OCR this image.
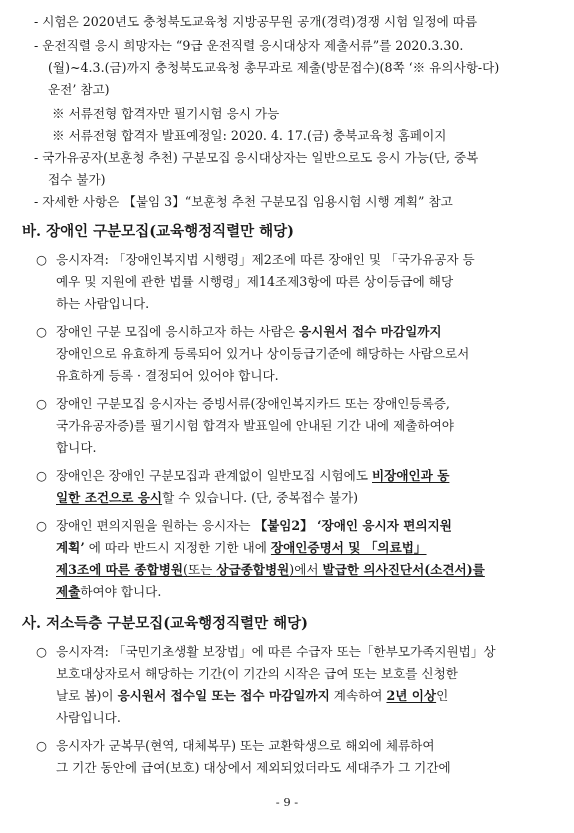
- 시험은 2020년도 충청북도교육청 지방공무원 공개(경력)경쟁 시험 일정에 따름
- 운전직렬 응시 희망자는 “9급 운전직렬 응시대상자 제출서류”를 2020.3.30.
(월)~4.3.(금)까지 충청북도교육청 총무과로 제출(방문접수)(8쪽 ‘※ 유의사항-다)
운전’ 참고)
※ 서류전형 합격자만 필기시험 응시 가능
※ 서류전형 합격자 발표예정일: 2020. 4. 17.(금) 충북교육청 홈페이지
- 국가유공자(보훈청 추천) 구분모집 응시대상자는 일반으로도 응시 가능(단, 중복
접수 불가)
- 자세한 사항은 【붙임 3】“보훈청 추천 구분모집 임용시험 시행 계획” 참고
바. 장애인 구분모집(교육행정직렬만 해당)
○ 응시자격: 「장애인복지법 시행령」제2조에 따른 장애인 및 「국가유공자 등
예우 및 지원에 관한 법률 시행령」제14조제3항에 따른 상이등급에 해당
하는 사람입니다.
○ 장애인 구분 모집에 응시하고자 하는 사람은 응시원서 접수 마감일까지
장애인으로 유효하게 등록되어 있거나 상이등급기준에 해당하는 사람으로서
유효하게 등록 · 결정되어 있어야 합니다.
○ 장애인 구분모집 응시자는 증빙서류(장애인복지카드 또는 장애인등록증,
국가유공자증)를 필기시험 합격자 발표일에 안내된 기간 내에 제출하여야
합니다.
○ 장애인은 장애인 구분모집과 관계없이 일반모집 시험에도 비장애인과 동
일한 조건으로 응시할 수 있습니다. (단, 중복접수 불가)
○ 장애인 편의지원을 원하는 응시자는 【붙임2】 ‘장애인 응시자 편의지원
계획’ 에 따라 반드시 지정한 기한 내에 장애인증명서 및 「의료법」
제3조에 따른 종합병원(또는 상급종합병원)에서 발급한 의사진단서(소견서)를
제출하여야 합니다.
사. 저소득층 구분모집(교육행정직렬만 해당)
○ 응시자격: 「국민기초생활 보장법」에 따른 수급자 또는「한부모가족지원법」상
보호대상자로서 해당하는 기간(이 기간의 시작은 급여 또는 보호를 신청한
날로 봄)이 응시원서 접수일 또는 접수 마감일까지 계속하여 2년 이상인
사람입니다.
○ 응시자가 군복무(현역, 대체복무) 또는 교환학생으로 해외에 체류하여
그 기간 동안에 급여(보호) 대상에서 제외되었더라도 세대주가 그 기간에
- 9 -
